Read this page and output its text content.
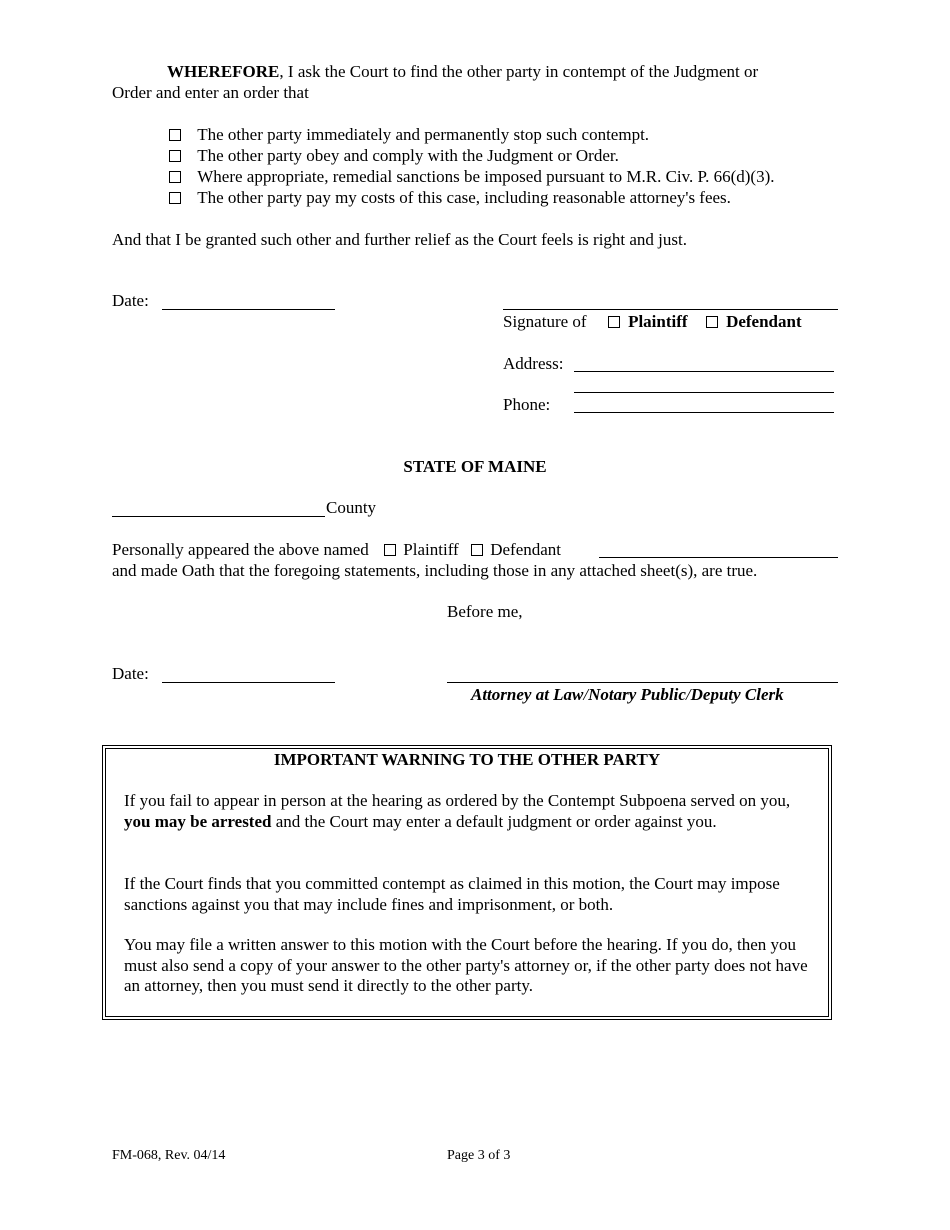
WHEREFORE, I ask the Court to find the other party in contempt of the Judgment or
Order and enter an order that
The other party immediately and permanently stop such contempt.
The other party obey and comply with the Judgment or Order.
Where appropriate, remedial sanctions be imposed pursuant to M.R. Civ. P. 66(d)(3).
The other party pay my costs of this case, including reasonable attorney's fees.
And that I be granted such other and further relief as the Court feels is right and just.
Date:
Signature of Plaintiff Defendant
Address:
Phone:
STATE OF MAINE
County
Personally appeared the above named Plaintiff Defendant
and made Oath that the foregoing statements, including those in any attached sheet(s), are true.
Before me,
Date:
Attorney at Law/Notary Public/Deputy Clerk
IMPORTANT WARNING TO THE OTHER PARTY
If you fail to appear in person at the hearing as ordered by the Contempt Subpoena served on you, you may be arrested and the Court may enter a default judgment or order against you.
If the Court finds that you committed contempt as claimed in this motion, the Court may impose sanctions against you that may include fines and imprisonment, or both.
You may file a written answer to this motion with the Court before the hearing. If you do, then you must also send a copy of your answer to the other party's attorney or, if the other party does not have an attorney, then you must send it directly to the other party.
FM-068, Rev. 04/14	Page 3 of 3
